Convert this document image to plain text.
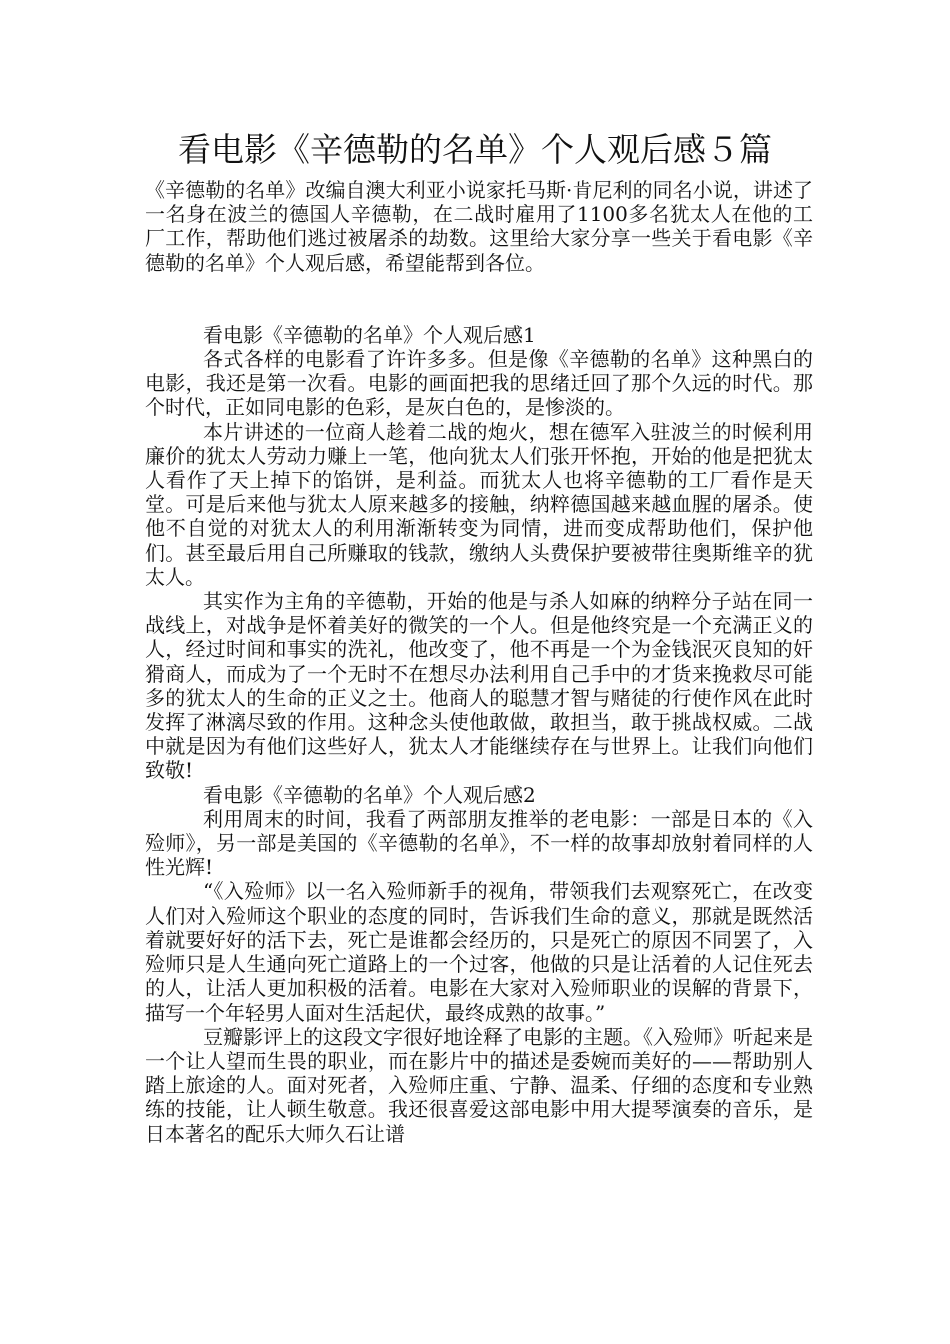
看电影《辛德勒的名单》个人观后感５篇

《辛德勒的名单》改编自澳大利亚小说家托马斯·肯尼利的同名小说，讲述了一名身在波兰的德国人辛德勒，在二战时雇用了1100多名犹太人在他的工厂工作，帮助他们逃过被屠杀的劫数。这里给大家分享一些关于看电影《辛德勒的名单》个人观后感，希望能帮到各位。

看电影《辛德勒的名单》个人观后感1

各式各样的电影看了许许多多。但是像《辛德勒的名单》这种黑白的电影，我还是第一次看。电影的画面把我的思绪迁回了那个久远的时代。那个时代，正如同电影的色彩，是灰白色的，是惨淡的。

本片讲述的一位商人趁着二战的炮火，想在德军入驻波兰的时候利用廉价的犹太人劳动力赚上一笔，他向犹太人们张开怀抱，开始的他是把犹太人看作了天上掉下的馅饼，是利益。而犹太人也将辛德勒的工厂看作是天堂。可是后来他与犹太人原来越多的接触，纳粹德国越来越血腥的屠杀。使他不自觉的对犹太人的利用渐渐转变为同情，进而变成帮助他们，保护他们。甚至最后用自己所赚取的钱款，缴纳人头费保护要被带往奥斯维辛的犹太人。

其实作为主角的辛德勒，开始的他是与杀人如麻的纳粹分子站在同一战线上，对战争是怀着美好的微笑的一个人。但是他终究是一个充满正义的人，经过时间和事实的洗礼，他改变了，他不再是一个为金钱泯灭良知的奸猾商人，而成为了一个无时不在想尽办法利用自己手中的才货来挽救尽可能多的犹太人的生命的正义之士。他商人的聪慧才智与赌徒的行使作风在此时发挥了淋漓尽致的作用。这种念头使他敢做，敢担当，敢于挑战权威。二战中就是因为有他们这些好人，犹太人才能继续存在与世界上。让我们向他们致敬!

看电影《辛德勒的名单》个人观后感2

利用周末的时间，我看了两部朋友推举的老电影：一部是日本的《入殓师》，另一部是美国的《辛德勒的名单》，不一样的故事却放射着同样的人性光辉!

“《入殓师》以一名入殓师新手的视角，带领我们去观察死亡，在改变人们对入殓师这个职业的态度的同时，告诉我们生命的意义，那就是既然活着就要好好的活下去，死亡是谁都会经历的，只是死亡的原因不同罢了，入殓师只是人生通向死亡道路上的一个过客，他做的只是让活着的人记住死去的人，让活人更加积极的活着。电影在大家对入殓师职业的误解的背景下，描写一个年轻男人面对生活起伏，最终成熟的故事。”

豆瓣影评上的这段文字很好地诠释了电影的主题。《入殓师》听起来是一个让人望而生畏的职业，而在影片中的描述是委婉而美好的——帮助别人踏上旅途的人。面对死者，入殓师庄重、宁静、温柔、仔细的态度和专业熟练的技能，让人顿生敬意。我还很喜爱这部电影中用大提琴演奏的音乐，是日本著名的配乐大师久石让谱
